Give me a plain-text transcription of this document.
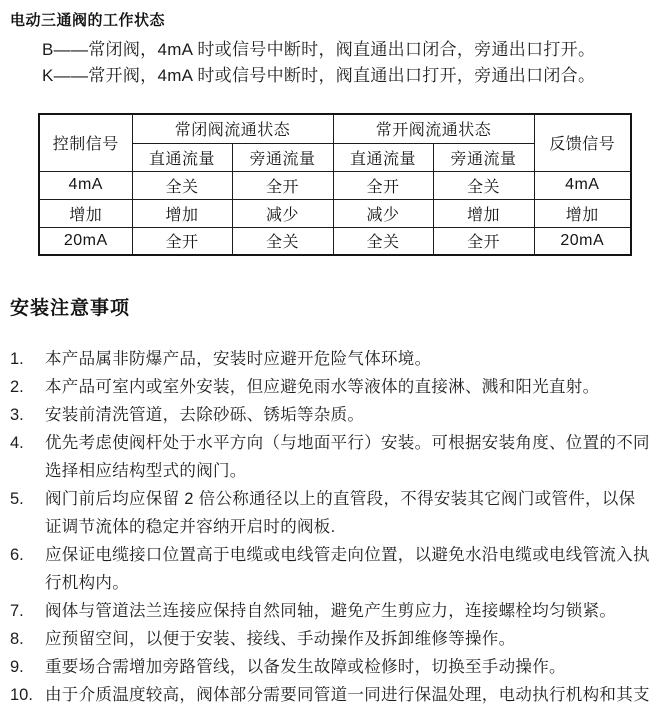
电动三通阀的工作状态
B——常闭阀，4mA 时或信号中断时，阀直通出口闭合，旁通出口打开。
K——常开阀，4mA 时或信号中断时，阀直通出口打开，旁通出口闭合。
控制信号	常闭阀流通状态		常开阀流通状态		反馈信号
	直通流量	旁通流量	直通流量	旁通流量	
4mA	全关	全开	全开	全关	4mA
增加	增加	减少	减少	增加	增加
20mA	全开	全关	全关	全开	20mA
安装注意事项
1.	本产品属非防爆产品，安装时应避开危险气体环境。
2.	本产品可室内或室外安装，但应避免雨水等液体的直接淋、溅和阳光直射。
3.	安装前清洗管道，去除砂砾、锈垢等杂质。
4.	优先考虑使阀杆处于水平方向（与地面平行）安装。可根据安装角度、位置的不同选择相应结构型式的阀门。
5.	阀门前后均应保留 2 倍公称通径以上的直管段，不得安装其它阀门或管件，以保证调节流体的稳定并容纳开启时的阀板.
6.	应保证电缆接口位置高于电缆或电线管走向位置，以避免水沿电缆或电线管流入执行机构内。
7.	阀体与管道法兰连接应保持自然同轴，避免产生剪应力，连接螺栓均匀锁紧。
8.	应预留空间，以便于安装、接线、手动操作及拆卸维修等操作。
9.	重要场合需增加旁路管线，以备发生故障或检修时，切换至手动操作。
10. 由于介质温度较高，阀体部分需要同管道一同进行保温处理，电动执行机构和其支
